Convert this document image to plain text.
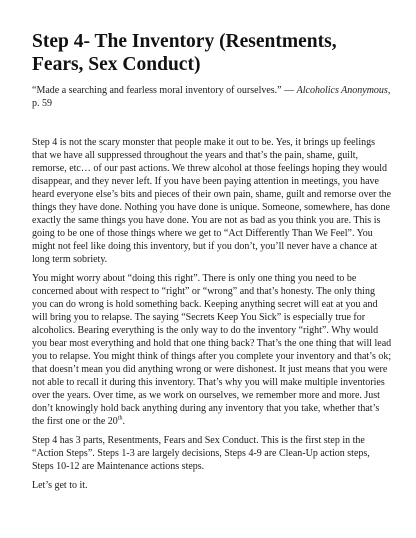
Step 4- The Inventory (Resentments, Fears, Sex Conduct)

“Made a searching and fearless moral inventory of ourselves.” — Alcoholics Anonymous, p. 59

Step 4 is not the scary monster that people make it out to be. Yes, it brings up feelings that we have all suppressed throughout the years and that’s the pain, shame, guilt, remorse, etc… of our past actions. We threw alcohol at those feelings hoping they would disappear, and they never left. If you have been paying attention in meetings, you have heard everyone else’s bits and pieces of their own pain, shame, guilt and remorse over the things they have done. Nothing you have done is unique. Someone, somewhere, has done exactly the same things you have done. You are not as bad as you think you are. This is going to be one of those things where we get to “Act Differently Than We Feel”. You might not feel like doing this inventory, but if you don’t, you’ll never have a chance at long term sobriety.

You might worry about “doing this right”. There is only one thing you need to be concerned about with respect to “right” or “wrong” and that’s honesty. The only thing you can do wrong is hold something back. Keeping anything secret will eat at you and will bring you to relapse. The saying “Secrets Keep You Sick” is especially true for alcoholics. Bearing everything is the only way to do the inventory “right”. Why would you bear most everything and hold that one thing back? That’s the one thing that will lead you to relapse. You might think of things after you complete your inventory and that’s ok; that doesn’t mean you did anything wrong or were dishonest. It just means that you were not able to recall it during this inventory. That’s why you will make multiple inventories over the years. Over time, as we work on ourselves, we remember more and more. Just don’t knowingly hold back anything during any inventory that you take, whether that’s the first one or the 20th.

Step 4 has 3 parts, Resentments, Fears and Sex Conduct. This is the first step in the “Action Steps”. Steps 1-3 are largely decisions, Steps 4-9 are Clean-Up action steps, Steps 10-12 are Maintenance actions steps.

Let’s get to it.
